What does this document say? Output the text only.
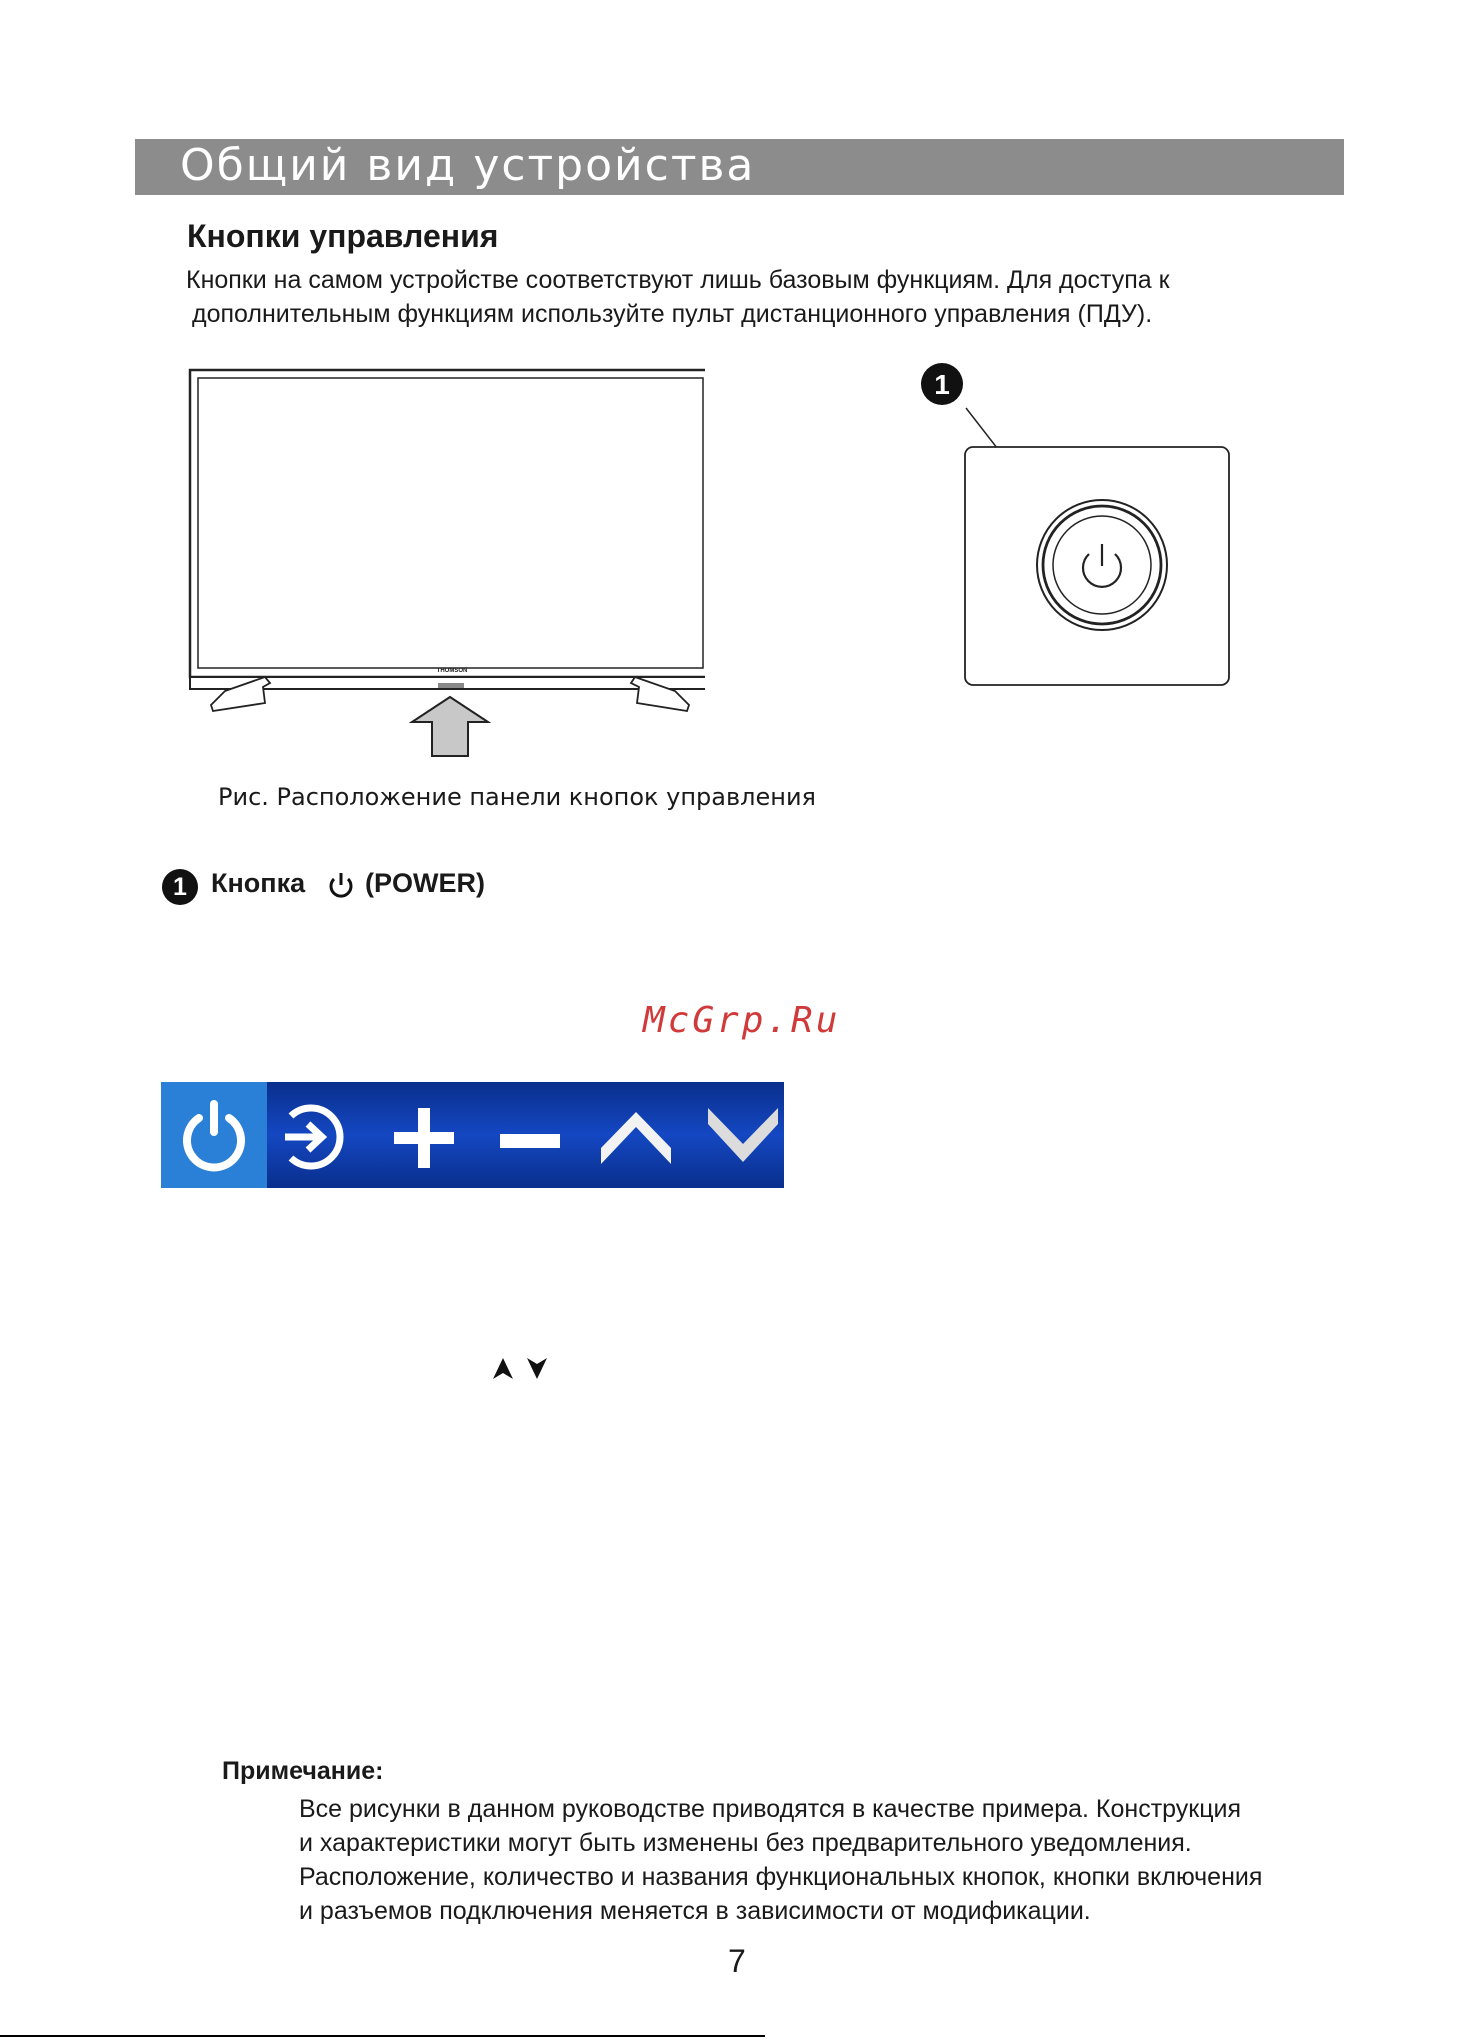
Общий вид устройства
Кнопки управления
Кнопки на самом устройстве соответствуют лишь базовым функциям. Для доступа к
дополнительным функциям используйте пульт дистанционного управления (ПДУ).
THOMSON
1
Рис. Расположение панели кнопок управления
1 Кнопка (POWER)
McGrp.Ru
Примечание:
Все рисунки в данном руководстве приводятся в качестве примера. Конструкция
и характеристики могут быть изменены без предварительного уведомления.
Расположение, количество и названия функциональных кнопок, кнопки включения
и разъемов подключения меняется в зависимости от модификации.
7
